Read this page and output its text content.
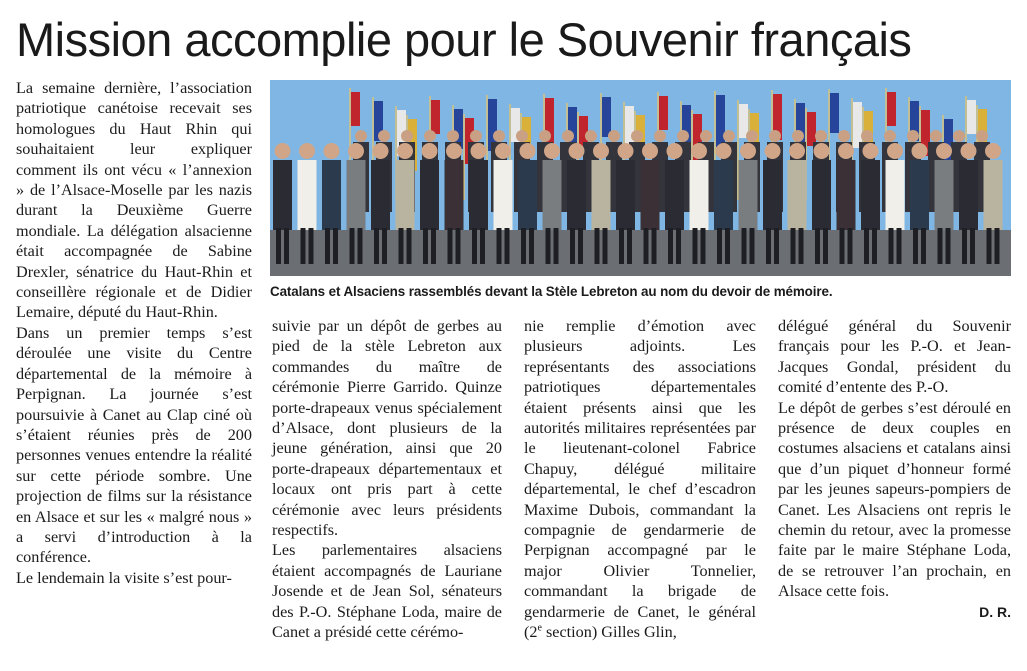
Mission accomplie pour le Souvenir français

La semaine dernière, l’association patriotique canétoise recevait ses homologues du Haut Rhin qui souhaitaient leur expliquer comment ils ont vécu « l’annexion » de l’Alsace-Moselle par les nazis durant la Deuxième Guerre mondiale. La délégation alsacienne était accompagnée de Sabine Drexler, sénatrice du Haut-Rhin et conseillère régionale et de Didier Lemaire, député du Haut-Rhin.

Dans un premier temps s’est déroulée une visite du Centre départemental de la mémoire à Perpignan. La journée s’est poursuivie à Canet au Clap ciné où s’étaient réunies près de 200 personnes venues entendre la réalité sur cette période sombre. Une projection de films sur la résistance en Alsace et sur les « malgré nous » a servi d’introduction à la conférence.

Le lendemain la visite s’est pour-

Catalans et Alsaciens rassemblés devant la Stèle Lebreton au nom du devoir de mémoire.

suivie par un dépôt de gerbes au pied de la stèle Lebreton aux commandes du maître de cérémonie Pierre Garrido. Quinze porte-drapeaux venus spécialement d’Alsace, dont plusieurs de la jeune génération, ainsi que 20 porte-drapeaux départementaux et locaux ont pris part à cette cérémonie avec leurs présidents respectifs.

Les parlementaires alsaciens étaient accompagnés de Lauriane Josende et de Jean Sol, sénateurs des P.-O. Stéphane Loda, maire de Canet a présidé cette cérémo-

nie remplie d’émotion avec plusieurs adjoints. Les représentants des associations patriotiques départementales étaient présents ainsi que les autorités militaires représentées par le lieutenant-colonel Fabrice Chapuy, délégué militaire départemental, le chef d’escadron Maxime Dubois, commandant la compagnie de gendarmerie de Perpignan accompagné par le major Olivier Tonnelier, commandant la brigade de gendarmerie de Canet, le général (2e section) Gilles Glin,

délégué général du Souvenir français pour les P.-O. et Jean-Jacques Gondal, président du comité d’entente des P.-O.

Le dépôt de gerbes s’est déroulé en présence de deux couples en costumes alsaciens et catalans ainsi que d’un piquet d’honneur formé par les jeunes sapeurs-pompiers de Canet. Les Alsaciens ont repris le chemin du retour, avec la promesse faite par le maire Stéphane Loda, de se retrouver l’an prochain, en Alsace cette fois.

D. R.
